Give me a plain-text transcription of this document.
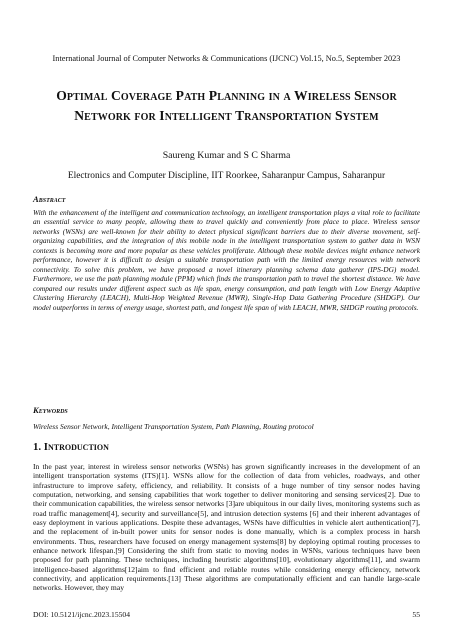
International Journal of Computer Networks & Communications (IJCNC) Vol.15, No.5, September 2023
Optimal Coverage Path Planning in a Wireless Sensor Network for Intelligent Transportation System
Saureng Kumar and S C Sharma
Electronics and Computer Discipline, IIT Roorkee, Saharanpur Campus, Saharanpur
Abstract
With the enhancement of the intelligent and communication technology, an intelligent transportation plays a vital role to facilitate an essential service to many people, allowing them to travel quickly and conveniently from place to place. Wireless sensor networks (WSNs) are well-known for their ability to detect physical significant barriers due to their diverse movement, self-organizing capabilities, and the integration of this mobile node in the intelligent transportation system to gather data in WSN contexts is becoming more and more popular as these vehicles proliferate. Although these mobile devices might enhance network performance, however it is difficult to design a suitable transportation path with the limited energy resources with network connectivity. To solve this problem, we have proposed a novel itinerary planning schema data gatherer (IPS-DG) model. Furthermore, we use the path planning module (PPM) which finds the transportation path to travel the shortest distance. We have compared our results under different aspect such as life span, energy consumption, and path length with Low Energy Adaptive Clustering Hierarchy (LEACH), Multi-Hop Weighted Revenue (MWR), Single-Hop Data Gathering Procedure (SHDGP). Our model outperforms in terms of energy usage, shortest path, and longest life span of with LEACH, MWR, SHDGP routing protocols.
Keywords
Wireless Sensor Network, Intelligent Transportation System, Path Planning, Routing protocol
1. Introduction
In the past year, interest in wireless sensor networks (WSNs) has grown significantly increases in the development of an intelligent transportation systems (ITS)[1]. WSNs allow for the collection of data from vehicles, roadways, and other infrastructure to improve safety, efficiency, and reliability. It consists of a huge number of tiny sensor nodes having computation, networking, and sensing capabilities that work together to deliver monitoring and sensing services[2]. Due to their communication capabilities, the wireless sensor networks [3]are ubiquitous in our daily lives, monitoring systems such as road traffic management[4], security and surveillance[5], and intrusion detection systems [6] and their inherent advantages of easy deployment in various applications. Despite these advantages, WSNs have difficulties in vehicle alert authentication[7], and the replacement of in-built power units for sensor nodes is done manually, which is a complex process in harsh environments. Thus, researchers have focused on energy management systems[8] by deploying optimal routing processes to enhance network lifespan.[9] Considering the shift from static to moving nodes in WSNs, various techniques have been proposed for path planning. These techniques, including heuristic algorithms[10], evolutionary algorithms[11], and swarm intelligence-based algorithms[12]aim to find efficient and reliable routes while considering energy efficiency, network connectivity, and application requirements.[13] These algorithms are computationally efficient and can handle large-scale networks. However, they may
DOI: 10.5121/ijcnc.2023.15504	55
